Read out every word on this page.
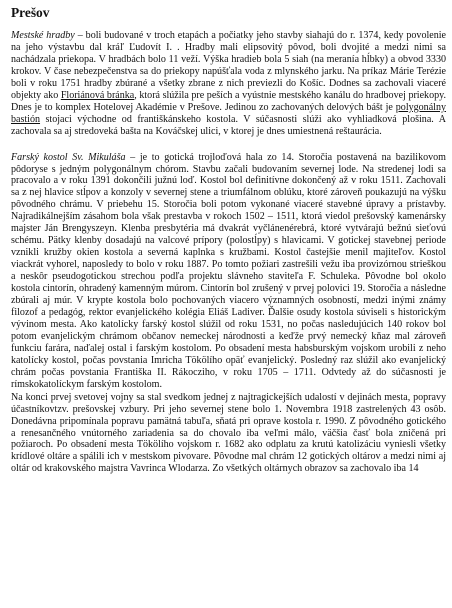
Prešov

Mestské hradby – boli budované v troch etapách a počiatky jeho stavby siahajú do r. 1374, kedy povolenie na jeho výstavbu dal kráľ Ľudovít I. . Hradby mali elipsovitý pôvod, boli dvojité a medzi nimi sa nachádzala priekopa. V hradbách bolo 11 veží. Výška hradieb bola 5 siah (na meranía hĺbky) a obvod 3330 krokov. V čase nebezpečenstva sa do priekopy napúšťala voda z mlynského jarku. Na príkaz Márie Terézie boli v roku 1751 hradby zbúrané a všetky zbrane z nich previezli do Košíc. Dodnes sa zachovali viaceré objekty ako Floriánová bránka, ktorá slúžila pre peších a vyústnie mestského kanálu do hradbovej priekopy. Dnes je to komplex Hotelovej Akadémie v Prešove. Jedinou zo zachovaných delových bášt je polygonálny bastión stojaci východne od františkánskeho kostola. V súčasnosti slúži ako vyhliadková plošina. A zachovala sa aj stredoveká bašta na Kováčskej ulici, v ktorej je dnes umiestnená reštaurácia.

Farský kostol Sv. Mikuláša – je to gotická trojloďová hala zo 14. Storočia postavená na bazilikovom pôdoryse s jedným polygonálnym chórom. Stavbu začali budovaním severnej lode. Na stredenej lodi sa pracovalo a v roku 1391 dokončili južnú loď. Kostol bol definitívne dokončený až v roku 1511. Zachovali sa z nej hlavice stĺpov a konzoly v severnej stene a triumfálnom oblúku, ktoré zároveň poukazujú na výšku pôvodného chrámu. V priebehu 15. Storočia boli potom vykonané viaceré stavebné úpravy a prístavby. Najradikálnejším zásahom bola však prestavba v rokoch 1502 – 1511, ktorá viedol prešovský kamenársky majster Ján Brengyszeyn. Klenba presbytéria má dvakrát vyčlánenérebrá, ktoré vytvárajú bežnú sieťovú schému. Pätky klenby dosadajú na valcové prípory (polostĺpy) s hlavicami. V gotickej stavebnej periode vznikli kružby okien kostola a severná kaplnka s kružbami. Kostol častejšie menil majiteľov. Kostol viackrát vyhorel, naposledy to bolo v roku 1887. Po tomto požiari zastrešili vežu iba provizórnou strieškou a neskôr pseudogotickou strechou podľa projektu slávneho staviteľa F. Schuleka. Pôvodne bol okolo kostola cintorín, ohradený kamenným múrom. Cintorín bol zrušený v prvej polovici 19. Storočia a následne zbúrali aj múr. V krypte kostola bolo pochovaných viacero významných osobností, medzi inými známy filozof a pedagóg, rektor evanjelického kolégia Eliáš Ladiver. Ďalšie osudy kostola súviseli s historickým vývinom mesta. Ako katolícky farský kostol slúžil od roku 1531, no počas nasledujúcich 140 rokov bol potom evanjelickým chrámom občanov nemeckej národnosti a keďže prvý nemecký kňaz mal zároveň funkciu farára, naďalej ostal i farským kostolom. Po obsadení mesta habsburským vojskom urobili z neho katolícky kostol, počas povstania Imricha Tökölího opäť evanjelický. Posledný raz slúžil ako evanjelický chrám počas povstania Františka II. Rákocziho, v roku 1705 – 1711. Odvtedy až do súčasnosti je rímskokatolíckym farským kostolom.

Na konci prvej svetovej vojny sa stal svedkom jednej z najtragickejších udalostí v dejinách mesta, popravy účastníkovtzv. prešovskej vzbury. Pri jeho severnej stene bolo 1. Novembra 1918 zastrelených 43 osôb. Donedávna pripomínala popravu pamätná tabuľa, sňatá pri oprave kostola r. 1990. Z pôvodného gotického a renesančného vnútorného zariadenia sa do chovalo iba veľmi málo, väčšia časť bola zničená pri požiaroch. Po obsadení mesta Tökölího vojskom r. 1682 ako odplatu za krutú katolizáciu vyniesli všetky krídlové oltáre a spálili ich v mestskom pivovare. Pôvodne mal chrám 12 gotických oltárov a medzi nimi aj oltár od krakovského majstra Vavrinca Wlodarza. Zo všetkých oltárnych obrazov sa zachovalo iba 14
